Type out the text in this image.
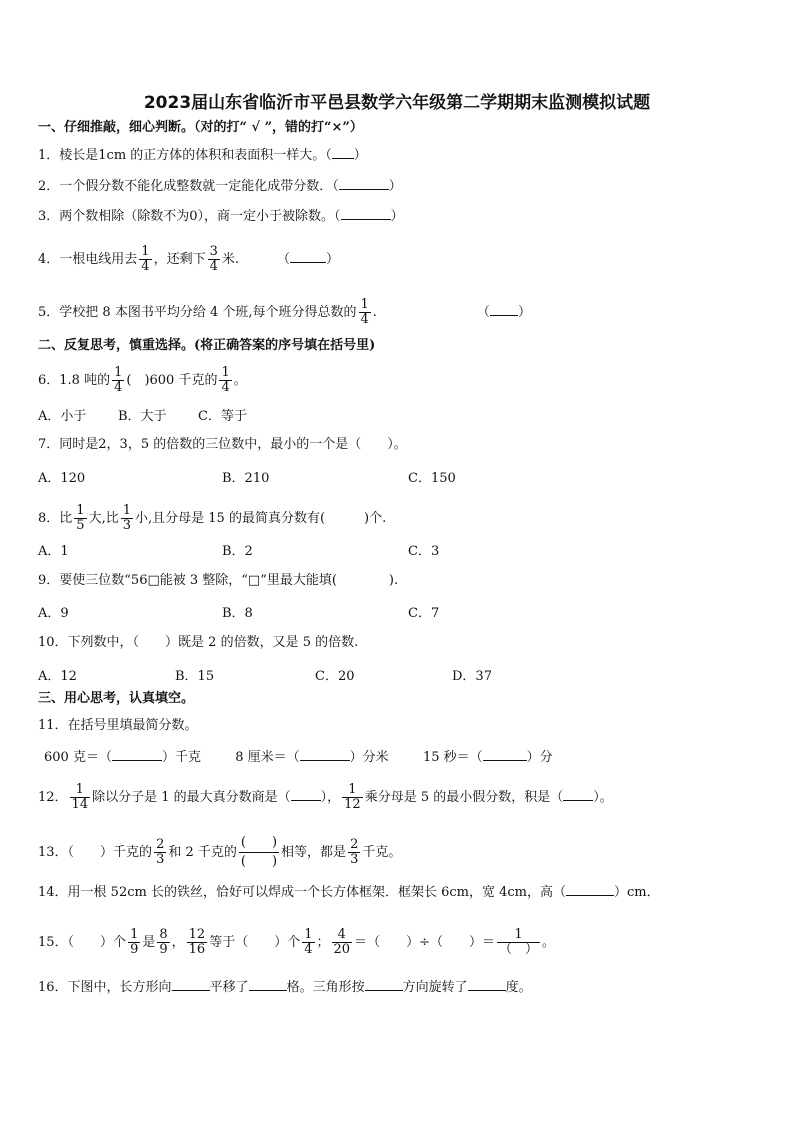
2023届山东省临沂市平邑县数学六年级第二学期期末监测模拟试题
一、仔细推敲，细心判断。（对的打“ √ ”，错的打“×”）
1．棱长是1cm 的正方体的体积和表面积一样大。（ ）
2．一个假分数不能化成整数就一定能化成带分数．（	）
3．两个数相除（除数不为0），商一定小于被除数。（	）
4．一根电线用去 $\frac{1}{4}$ ，还剩下 $\frac{3}{4}$ 米.	（	）
5．学校把 8 本图书平均分给 4 个班,每个班分得总数的 $\frac{1}{4}$ .	（ ）
二、反复思考，慎重选择。(将正确答案的序号填在括号里)
6．1.8 吨的 $\frac{1}{4}$ (　)600 千克的 $\frac{1}{4}$ 。
A．小于 B．大于 C．等于
7．同时是2，3，5 的倍数的三位数中，最小的一个是（　　）。
A．120	B．210	C．150
8．比 $\frac{1}{5}$ 大,比 $\frac{1}{3}$ 小,且分母是 15 的最简真分数有(　　　)个.
A．1	B．2	C．3
9．要使三位数“56□能被 3 整除，“□”里最大能填(　　　　).
A．9	B．8	C．7
10．下列数中，（　　）既是 2 的倍数，又是 5 的倍数.
A．12	B．15	C．20	D．37
三、用心思考，认真填空。
11．在括号里填最简分数。
600 克＝（	）千克	8 厘米＝（	）分米	15 秒＝（	）分
12． $\frac{1}{14}$ 除以分子是 1 的最大真分数商是（ ）， $\frac{1}{12}$ 乘分母是 5 的最小假分数，积是（ ）。
13．（　　）千克的 $\frac{2}{3}$ 和 2 千克的 $\frac{( )}{( )}$ 相等，都是 $\frac{2}{3}$ 千克。
14．用一根 52cm 长的铁丝，恰好可以焊成一个长方体框架．框架长 6cm，宽 4cm，高（	）cm．
15．（　　）个 $\frac{1}{9}$ 是 $\frac{8}{9}$ ， $\frac{12}{16}$ 等于（　　）个 $\frac{1}{4}$ ； $\frac{4}{20}$ ＝（　　）÷（　　）＝ $\frac{1}{( )}$ 。
16．下图中，长方形向	平移了	格。三角形按	方向旋转了	度。
